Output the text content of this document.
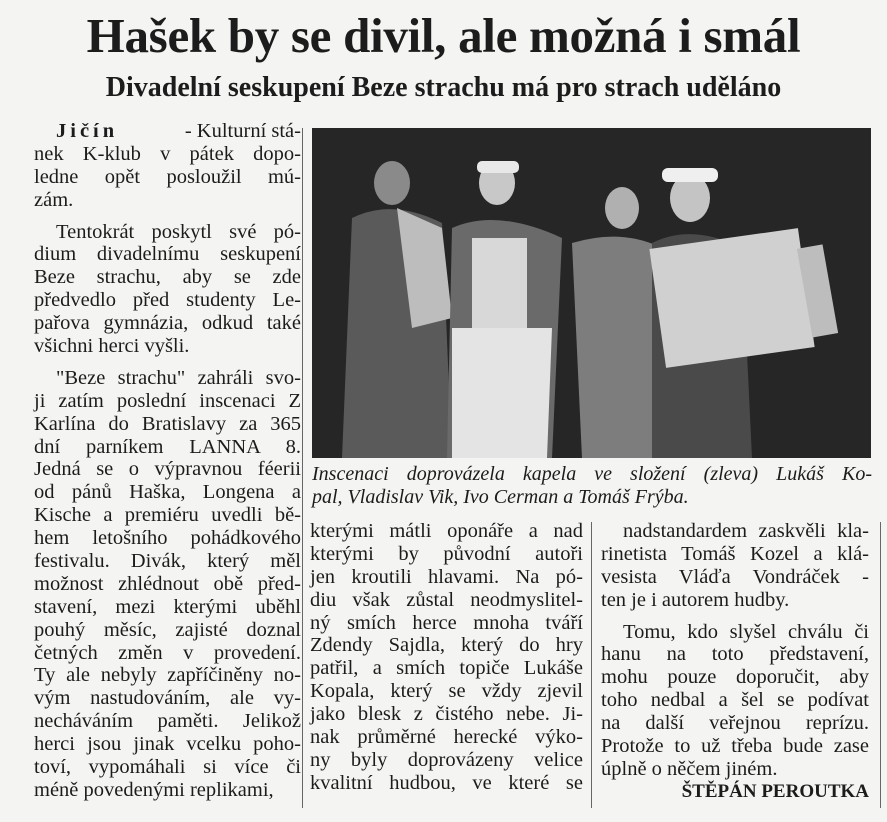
Hašek by se divil, ale možná i smál
Divadelní seskupení Beze strachu má pro strach uděláno
Jičín	- Kulturní stá-
nek K-klub v pátek dopo-
ledne opět posloužil mú-
zám.
Tentokrát poskytl své pó-
dium divadelnímu seskupení
Beze strachu, aby se zde
předvedlo před studenty Le-
pařova gymnázia, odkud také
všichni herci vyšli.
"Beze strachu" zahráli svo-
ji zatím poslední inscenaci Z
Karlína do Bratislavy za 365
dní parníkem LANNA 8.
Jedná se o výpravnou féerii
od pánů Haška, Longena a
Kische a premiéru uvedli bě-
hem letošního pohádkového
festivalu. Divák, který měl
možnost zhlédnout obě před-
stavení, mezi kterými uběhl
pouhý měsíc, zajisté doznal
četných změn v provedení.
Ty ale nebyly zapříčiněny no-
vým nastudováním, ale vy-
necháváním paměti. Jelikož
herci jsou jinak vcelku poho-
toví, vypomáhali si více či
méně povedenými replikami,
Inscenaci doprovázela kapela ve složení (zleva) Lukáš Ko-
pal, Vladislav Vik, Ivo Cerman a Tomáš Frýba.
kterými mátli oponáře a nad
kterými by původní autoři
jen kroutili hlavami. Na pó-
diu však zůstal neodmyslitel-
ný smích herce mnoha tváří
Zdendy Sajdla, který do hry
patřil, a smích topiče Lukáše
Kopala, který se vždy zjevil
jako blesk z čistého nebe. Ji-
nak průměrné herecké výko-
ny byly doprovázeny velice
kvalitní hudbou, ve které se
nadstandardem zaskvěli kla-
rinetista Tomáš Kozel a klá-
vesista Vláďa Vondráček -
ten je i autorem hudby.
Tomu, kdo slyšel chválu či
hanu na toto představení,
mohu pouze doporučit, aby
toho nedbal a šel se podívat
na další veřejnou reprízu.
Protože to už třeba bude zase
úplně o něčem jiném.
ŠTĚPÁN PEROUTKA
